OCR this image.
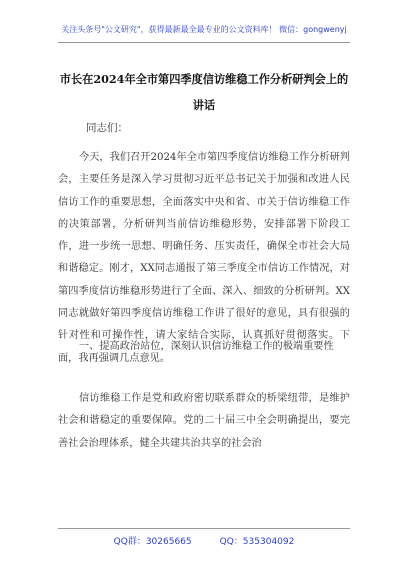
关注头条号"公文研究"，获得最新最全最专业的公文资料库！ 微信：gongwenyj
市长在2024年全市第四季度信访维稳工作分析研判会上的讲话
同志们：

今天，我们召开2024年全市第四季度信访维稳工作分析研判会，主要任务是深入学习贯彻习近平总书记关于加强和改进人民信访工作的重要思想，全面落实中央和省、市关于信访维稳工作的决策部署，分析研判当前信访维稳形势，安排部署下阶段工作，进一步统一思想、明确任务、压实责任，确保全市社会大局和谐稳定。刚才，XX同志通报了第三季度全市信访工作情况，对第四季度信访维稳形势进行了全面、深入、细致的分析研判。XX同志就做好第四季度信访维稳工作讲了很好的意见，具有很强的针对性和可操作性，请大家结合实际，认真抓好贯彻落实。下面，我再强调几点意见。

一、提高政治站位，深刻认识信访维稳工作的极端重要性

信访维稳工作是党和政府密切联系群众的桥梁纽带，是维护社会和谐稳定的重要保障。党的二十届三中全会明确提出，要完善社会治理体系，健全共建共治共享的社会治

QQ群：30265665	QQ：535304092
